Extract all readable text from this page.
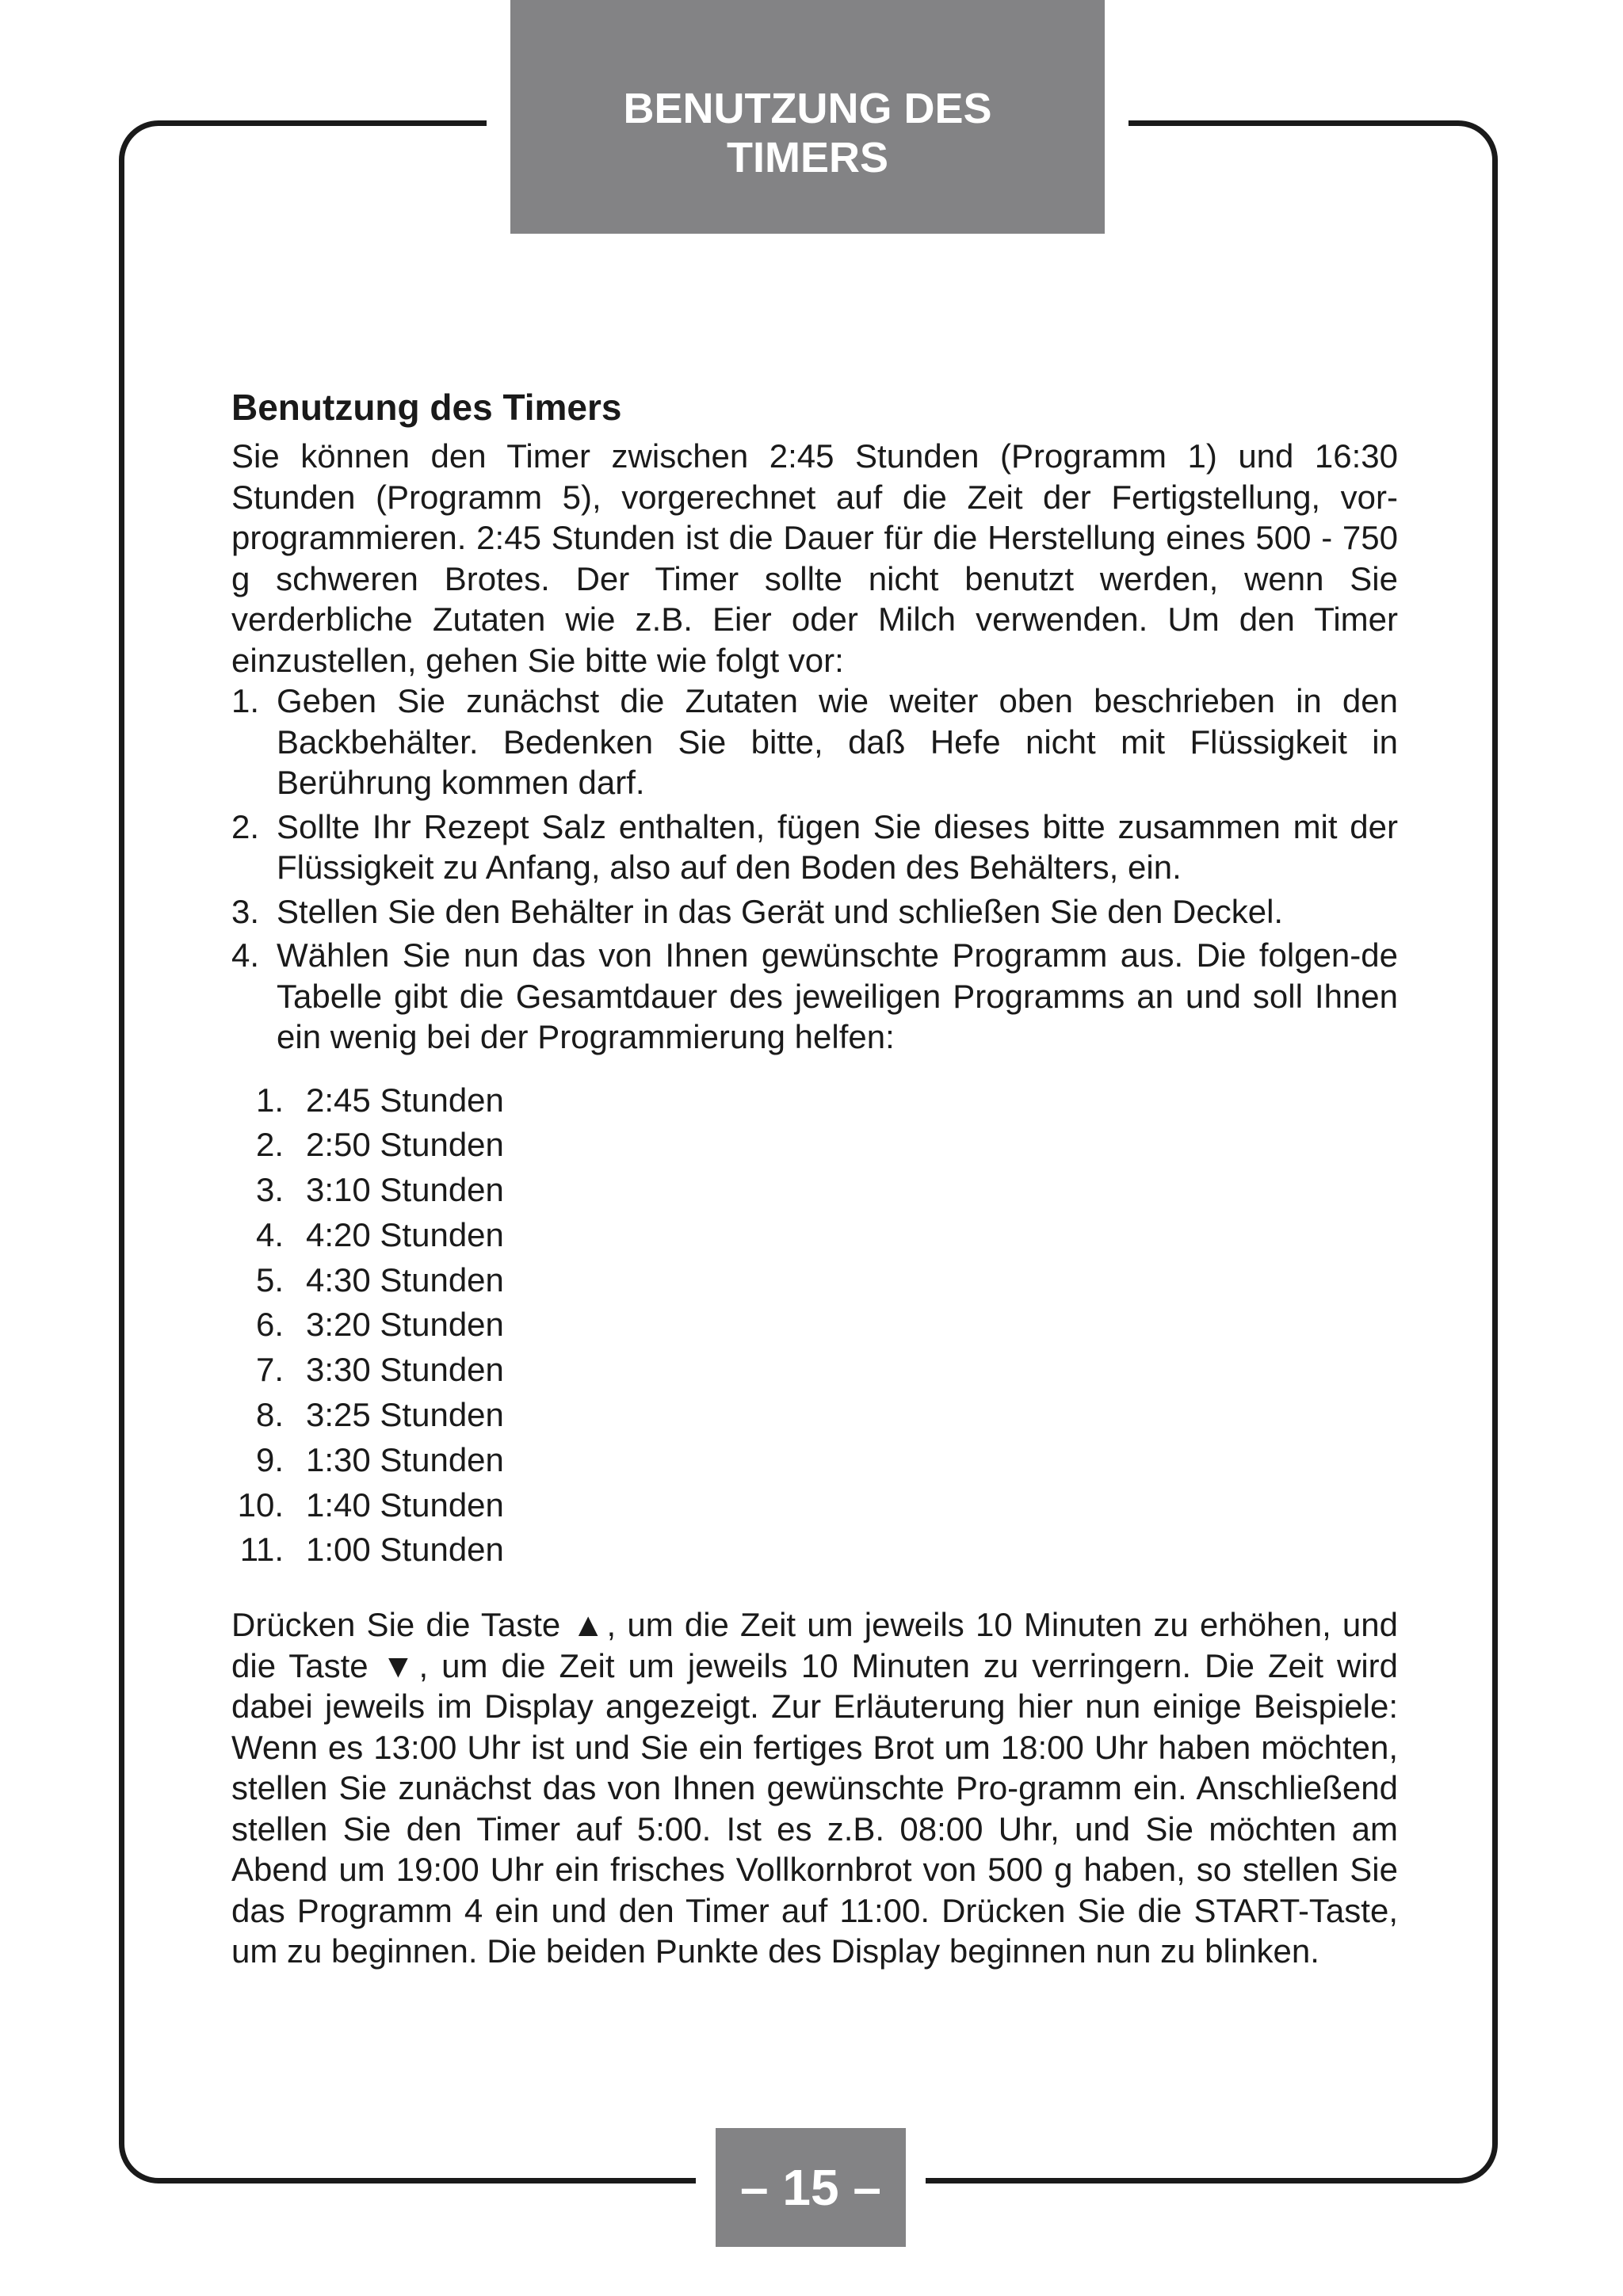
BENUTZUNG DES TIMERS
Benutzung des Timers

Sie können den Timer zwischen 2:45 Stunden (Programm 1) und 16:30 Stunden (Programm 5), vorgerechnet auf die Zeit der Fertigstellung, vor-programmieren. 2:45 Stunden ist die Dauer für die Herstellung eines 500 - 750 g schweren Brotes. Der Timer sollte nicht benutzt werden, wenn Sie verderbliche Zutaten wie z.B. Eier oder Milch verwenden. Um den Timer einzustellen, gehen Sie bitte wie folgt vor:

1. Geben Sie zunächst die Zutaten wie weiter oben beschrieben in den Backbehälter. Bedenken Sie bitte, daß Hefe nicht mit Flüssigkeit in Berührung kommen darf.
2. Sollte Ihr Rezept Salz enthalten, fügen Sie dieses bitte zusammen mit der Flüssigkeit zu Anfang, also auf den Boden des Behälters, ein.
3. Stellen Sie den Behälter in das Gerät und schließen Sie den Deckel.
4. Wählen Sie nun das von Ihnen gewünschte Programm aus. Die folgen-de Tabelle gibt die Gesamtdauer des jeweiligen Programms an und soll Ihnen ein wenig bei der Programmierung helfen:
1. 2:45 Stunden
2. 2:50 Stunden
3. 3:10 Stunden
4. 4:20 Stunden
5. 4:30 Stunden
6. 3:20 Stunden
7. 3:30 Stunden
8. 3:25 Stunden
9. 1:30 Stunden
10. 1:40 Stunden
11. 1:00 Stunden

Drücken Sie die Taste ▲, um die Zeit um jeweils 10 Minuten zu erhöhen, und die Taste ▼, um die Zeit um jeweils 10 Minuten zu verringern. Die Zeit wird dabei jeweils im Display angezeigt. Zur Erläuterung hier nun einige Beispiele: Wenn es 13:00 Uhr ist und Sie ein fertiges Brot um 18:00 Uhr haben möchten, stellen Sie zunächst das von Ihnen gewünschte Pro-gramm ein. Anschließend stellen Sie den Timer auf 5:00. Ist es z.B. 08:00 Uhr, und Sie möchten am Abend um 19:00 Uhr ein frisches Vollkornbrot von 500 g haben, so stellen Sie das Programm 4 ein und den Timer auf 11:00. Drücken Sie die START-Taste, um zu beginnen. Die beiden Punkte des Display beginnen nun zu blinken.

– 15 –
